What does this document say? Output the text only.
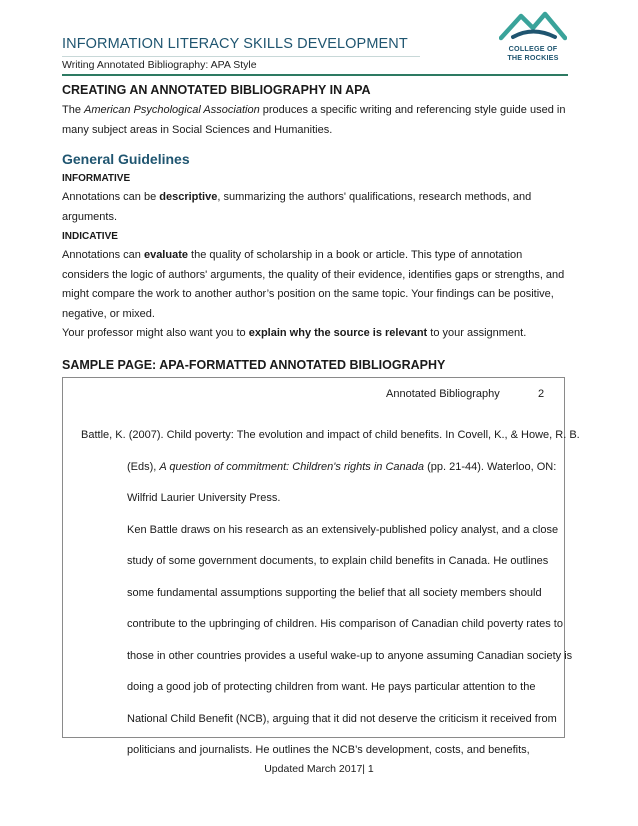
INFORMATION LITERACY SKILLS DEVELOPMENT
Writing Annotated Bibliography: APA Style
COLLEGE OF
THE ROCKIES
CREATING AN ANNOTATED BIBLIOGRAPHY IN APA

The American Psychological Association produces a specific writing and referencing style guide used in many subject areas in Social Sciences and Humanities.

General Guidelines
INFORMATIVE

Annotations can be descriptive, summarizing the authors' qualifications, research methods, and arguments.

INDICATIVE

Annotations can evaluate the quality of scholarship in a book or article. This type of annotation considers the logic of authors' arguments, the quality of their evidence, identifies gaps or strengths, and might compare the work to another author’s position on the same topic. Your findings can be positive, negative, or mixed.

Your professor might also want you to explain why the source is relevant to your assignment.

SAMPLE PAGE: APA-FORMATTED ANNOTATED BIBLIOGRAPHY
Annotated Bibliography	2
Battle, K. (2007). Child poverty: The evolution and impact of child benefits. In Covell, K., & Howe, R. B.
(Eds), A question of commitment: Children's rights in Canada (pp. 21-44). Waterloo, ON:
Wilfrid Laurier University Press.
Ken Battle draws on his research as an extensively-published policy analyst, and a close
study of some government documents, to explain child benefits in Canada. He outlines
some fundamental assumptions supporting the belief that all society members should
contribute to the upbringing of children. His comparison of Canadian child poverty rates to
those in other countries provides a useful wake-up to anyone assuming Canadian society is
doing a good job of protecting children from want. He pays particular attention to the
National Child Benefit (NCB), arguing that it did not deserve the criticism it received from
politicians and journalists. He outlines the NCB’s development, costs, and benefits,
Updated March 2017| 1
